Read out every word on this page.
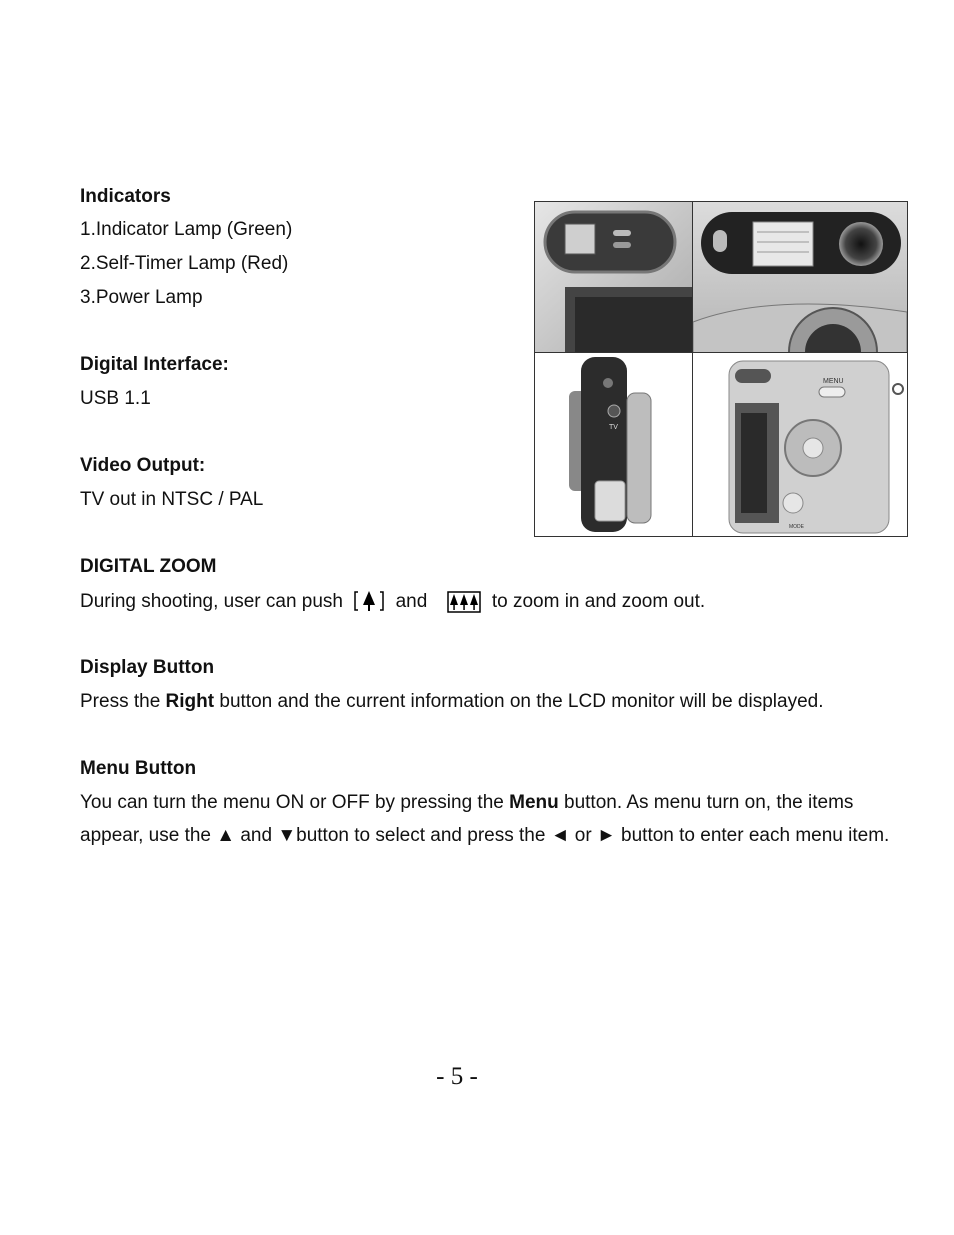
Indicators
1.Indicator Lamp (Green)
2.Self-Timer Lamp (Red)
3.Power Lamp
Digital Interface:
USB 1.1
Video Output:
TV out in NTSC / PAL
DIGITAL ZOOM
During shooting, user can push	and	to zoom in and zoom out.
Display Button
Press the Right button and the current information on the LCD monitor will be displayed.
Menu Button
You can turn the menu ON or OFF by pressing the Menu button. As menu turn on, the items appear, use the ▲ and ▼button to select and press the ◄ or ► button to enter each menu item.
TV
MENU
MODE
- 5 -
